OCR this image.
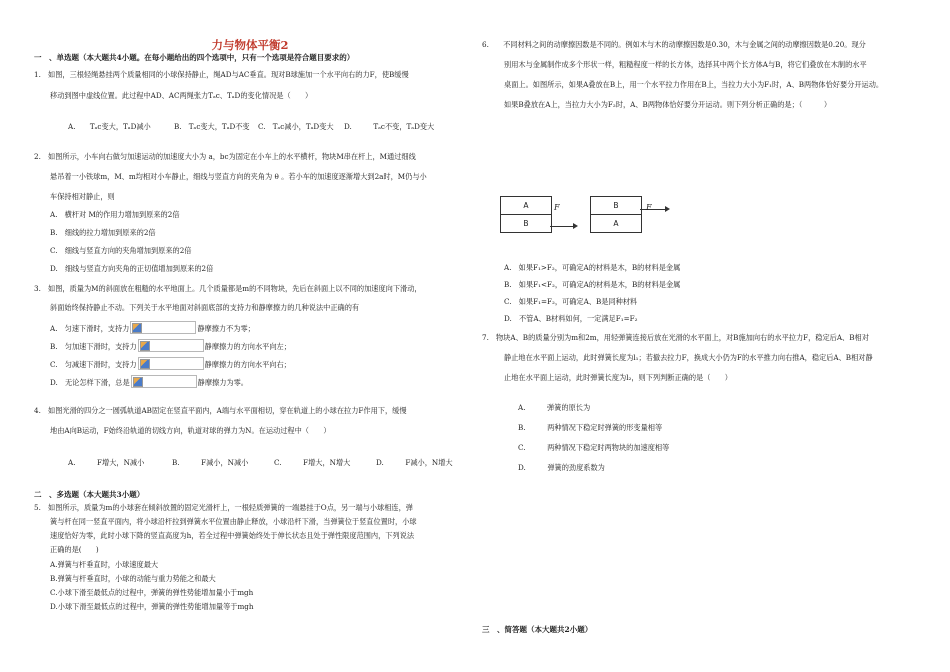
力与物体平衡2
一　、单选题（本大题共4小题。在每小题给出的四个选项中，只有一个选项是符合题目要求的）
1.　如图，三根轻绳悬挂两个质量相同的小球保持静止，绳AD与AC垂直。现对B球施加一个水平向右的力F，使B缓慢
移动到图中虚线位置。此过程中AD、AC两绳张力Tₐc、TₐD的变化情况是（　　）
A.　　Tₐc变大，TₐD减小	B.　Tₐc变大，TₐD不变 C.　Tₐc减小，TₐD变大 D.　　　Tₐc不变，TₐD变大
2.　如图所示，小车向右做匀加速运动的加速度大小为 a，bc为固定在小车上的水平横杆，物块M串在杆上，M通过细线
悬吊着一小铁球m，M、m均相对小车静止，细线与竖直方向的夹角为 θ 。若小车的加速度逐渐增大到2a时，M仍与小
车保持相对静止，则
A.　横杆对 M的作用力增加到原来的2倍
B.　细线的拉力增加到原来的2倍
C.　细线与竖直方向的夹角增加到原来的2倍
D.　细线与竖直方向夹角的正切值增加到原来的2倍
3.　如图，质量为M的斜面放在粗糙的水平地面上。几个质量都是m的不同物块，先后在斜面上以不同的加速度向下滑动，
斜面始终保持静止不动。下列关于水平地面对斜面底部的支持力和静摩擦力的几种说法中正确的有
A.　匀速下滑时，支持力	静摩擦力不为零；
B.　匀加速下滑时，支持力	静摩擦力的方向水平向左；
C.　匀减速下滑时，支持力	静摩擦力的方向水平向右；
D.　无论怎样下滑，总是	静摩擦力为零。
4.　如图光滑的四分之一圆弧轨道AB固定在竖直平面内，A端与水平面相切，穿在轨道上的小球在拉力F作用下，缓慢
地由A向B运动，F始终沿轨道的切线方向，轨道对球的弹力为N。在运动过程中（　　）
A.　　　F增大，N减小	B.　　　F减小，N减小	C.　　　F增大，N增大	D.　　　F减小，N增大
二　、多选题（本大题共3小题）
5.　如图所示，质量为m的小球套在倾斜放置的固定光滑杆上，一根轻质弹簧的一端悬挂于O点，另一端与小球相连，弹
簧与杆在同一竖直平面内，将小球沿杆拉到弹簧水平位置由静止释放，小球沿杆下滑，当弹簧位于竖直位置时，小球
速度恰好为零，此时小球下降的竖直高度为h，若全过程中弹簧始终处于伸长状态且处于弹性限度范围内，下列说法
正确的是(　　)
A.弹簧与杆垂直时，小球速度最大
B.弹簧与杆垂直时，小球的动能与重力势能之和最大
C.小球下滑至最低点的过程中，弹簧的弹性势能增加量小于mgh
D.小球下滑至最低点的过程中，弹簧的弹性势能增加量等于mgh
6.　　不同材料之间的动摩擦因数是不同的。例如木与木的动摩擦因数是0.30，木与金属之间的动摩擦因数是0.20。现分
别用木与金属制作成多个形状一样，粗糙程度一样的长方体，选择其中两个长方体A与B，将它们叠放在木制的水平
桌面上。如图所示，如果A叠放在B上，用一个水平拉力作用在B上，当拉力大小为F₁时，A、B两物体恰好要分开运动。
如果B叠放在A上，当拉力大小为F₂时，A、B两物体恰好要分开运动。则下列分析正确的是；（　　　）
A
B
F	B
A
F
A.　如果F₁>F₂，可确定A的材料是木，B的材料是金属
B.　如果F₁<F₂，可确定A的材料是木，B的材料是金属
C.　如果F₁=F₂，可确定A、B是同种材料
D.　不管A、B材料如何，一定满足F₁=F₂
7.　物块A、B的质量分别为m和2m，用轻弹簧连接后放在光滑的水平面上，对B施加向右的水平拉力F，稳定后A、B相对
静止地在水平面上运动，此时弹簧长度为l₁；若撤去拉力F，换成大小仍为F的水平推力向右推A，稳定后A、B相对静
止地在水平面上运动，此时弹簧长度为l₂，则下列判断正确的是（　　）
A.　　　弹簧的原长为
B.　　　两种情况下稳定时弹簧的形变量相等
C.　　　两种情况下稳定时两物块的加速度相等
D.　　　弹簧的劲度系数为
三　、简答题（本大题共2小题）
